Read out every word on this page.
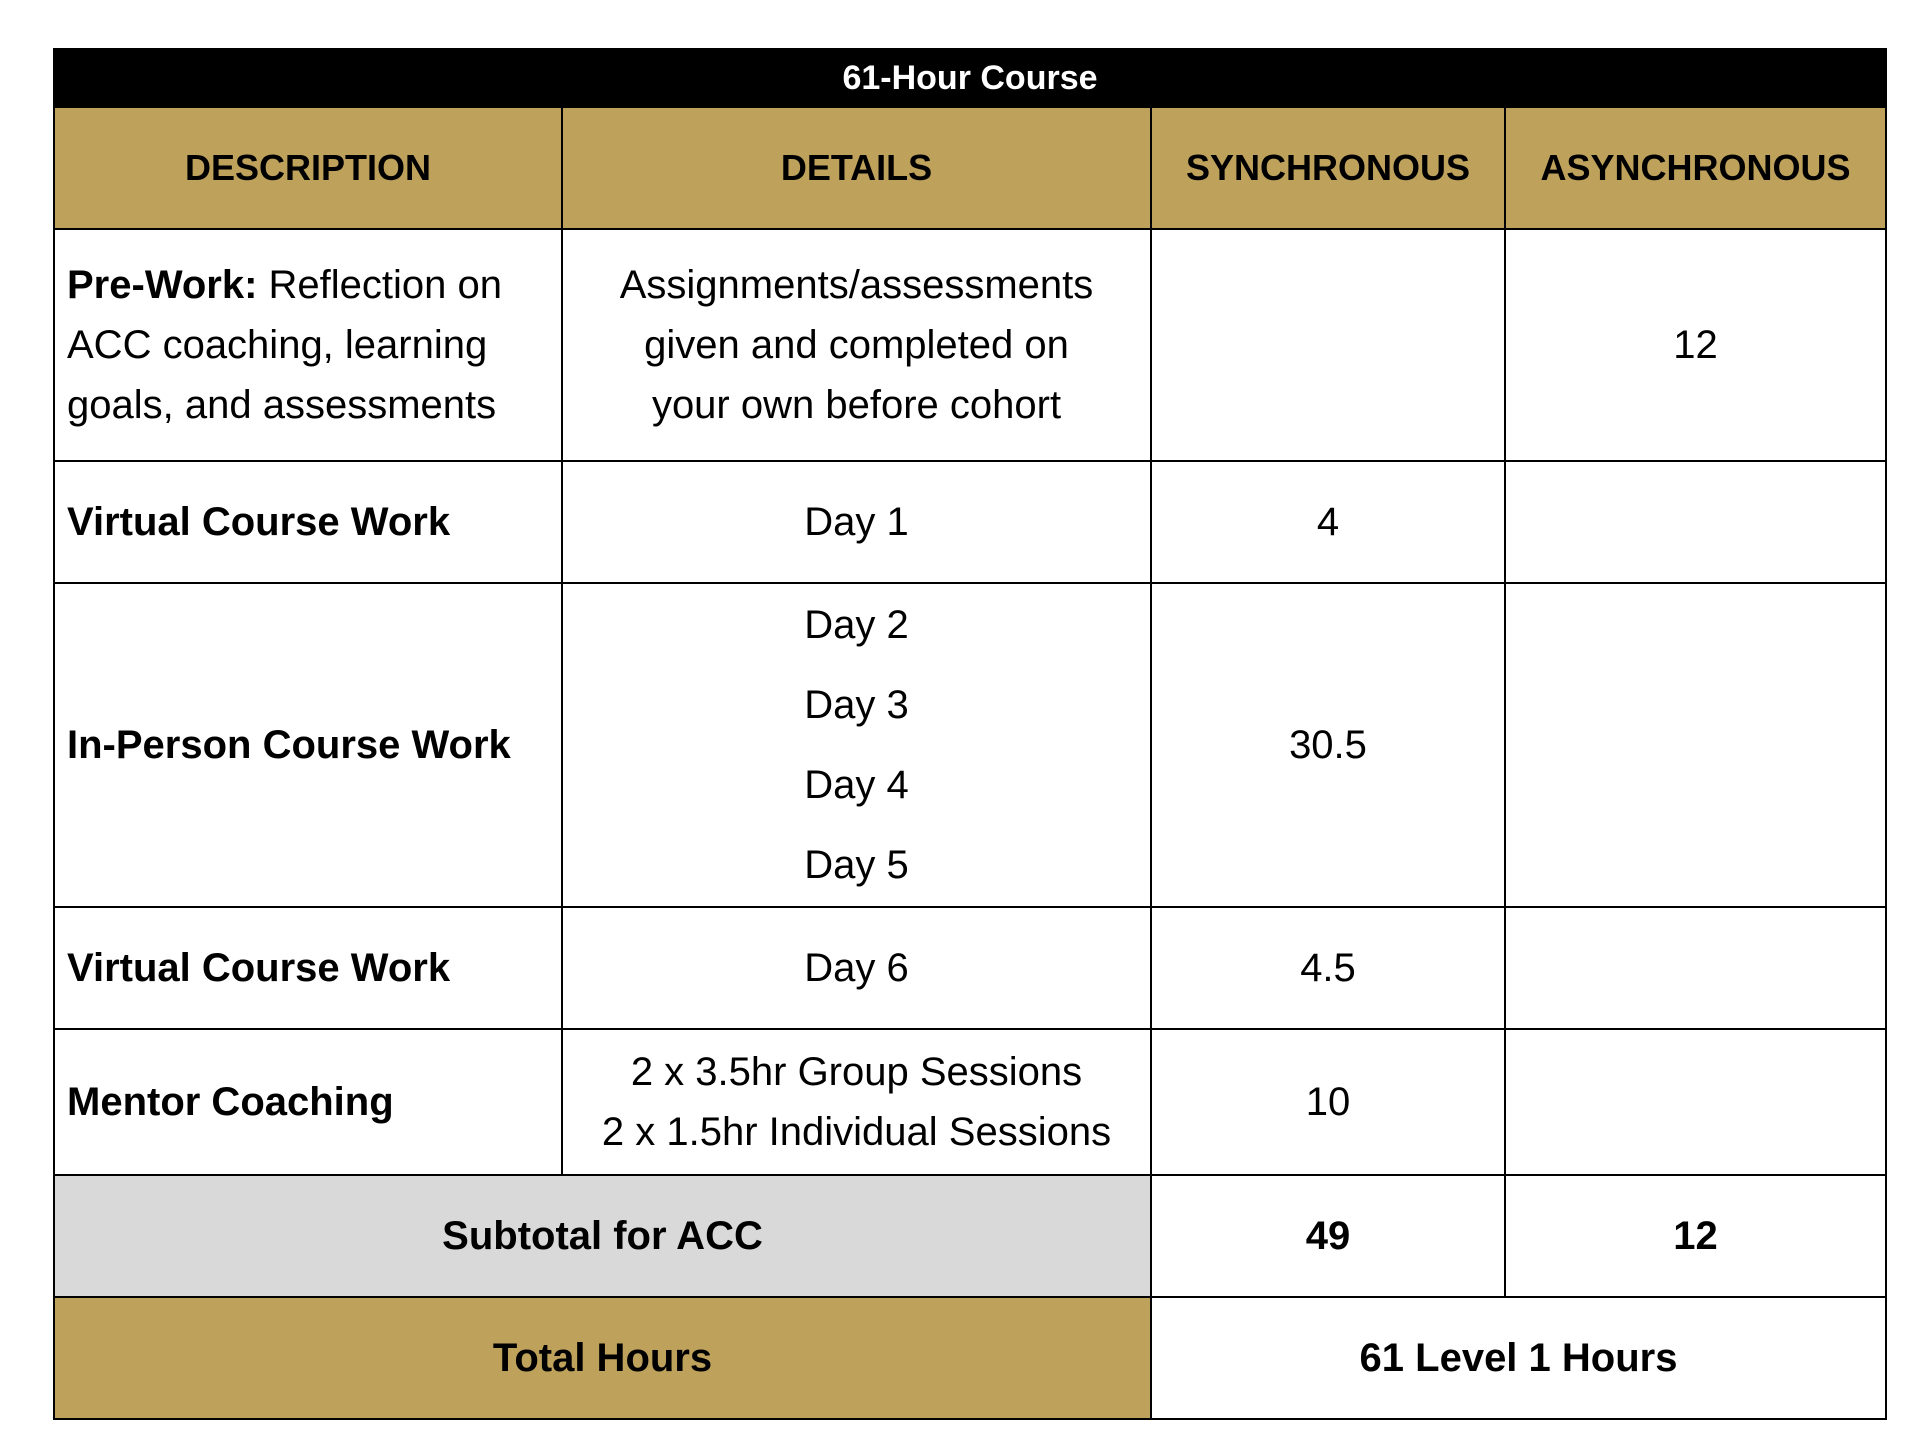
61-Hour Course			
DESCRIPTION	DETAILS	SYNCHRONOUS	ASYNCHRONOUS
Pre-Work: Reflection on ACC coaching, learning goals, and assessments	Assignments/assessments
given and completed on
your own before cohort		12
Virtual Course Work	Day 1	4	
In-Person Course Work	Day 2
Day 3
Day 4
Day 5	30.5	
Virtual Course Work	Day 6	4.5	
Mentor Coaching	2 x 3.5hr Group Sessions
2 x 1.5hr Individual Sessions	10	
Subtotal for ACC		49	12
Total Hours		61 Level 1 Hours	
